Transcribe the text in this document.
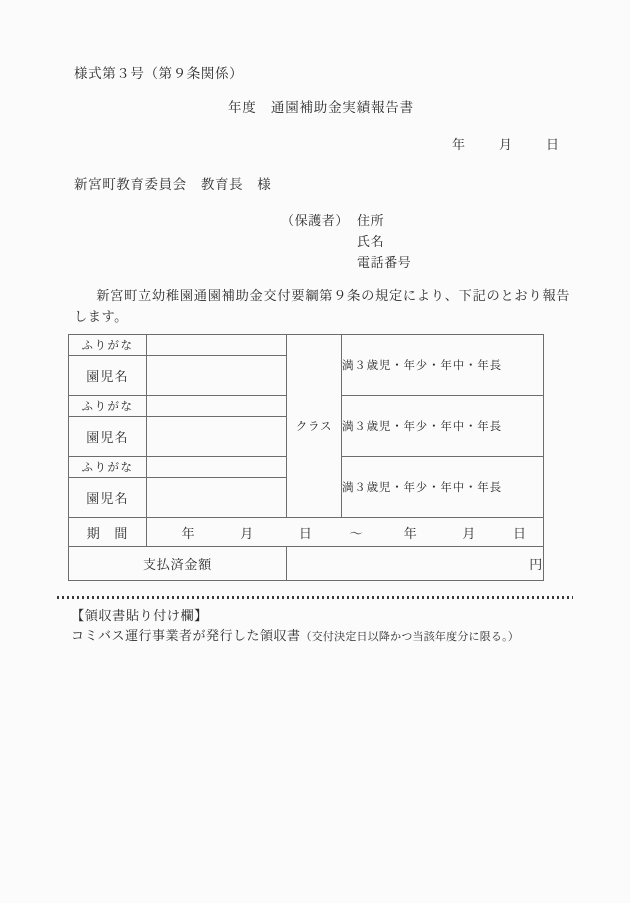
様式第３号（第９条関係）
年度　通園補助金実績報告書
年	月	日
新宮町教育委員会　教育長　様
（保護者） 住所
氏名
電話番号
新宮町立幼稚園通園補助金交付要綱第９条の規定により、下記のとおり報告します。
ふりがな		クラス	満３歳児・年少・年中・年長
園児名			
ふりがな			満３歳児・年少・年中・年長
園児名			
ふりがな			満３歳児・年少・年中・年長
園児名			
期　間	年	月	日	～	年	月	日

支払済金額		円	
【領収書貼り付け欄】
コミバス運行事業者が発行した領収書（交付決定日以降かつ当該年度分に限る。）
